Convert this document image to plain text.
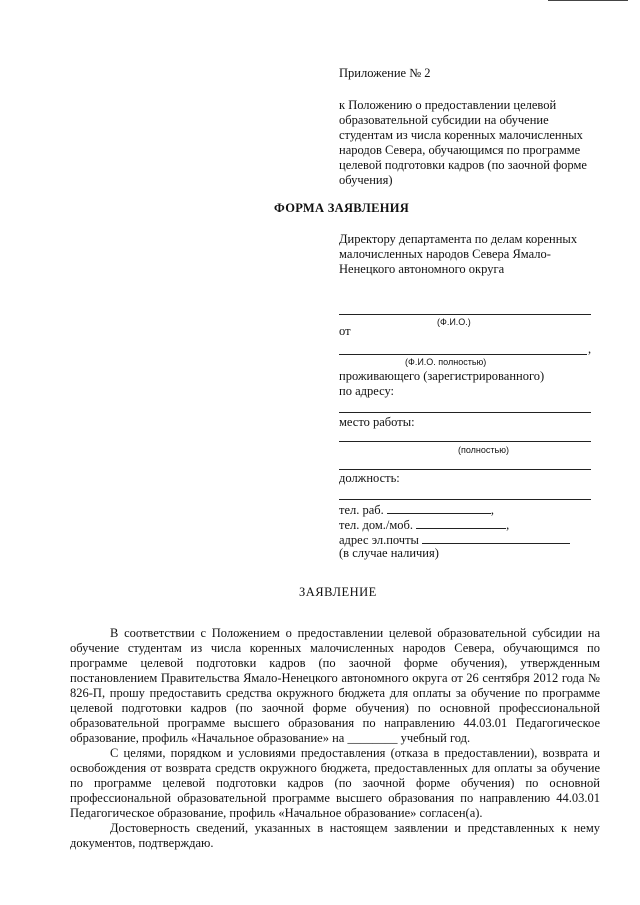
Приложение № 2
к Положению о предоставлении целевой образовательной субсидии на обучение студентам из числа коренных малочисленных народов Севера, обучающимся по программе целевой подготовки кадров (по заочной форме обучения)
ФОРМА ЗАЯВЛЕНИЯ
Директору департамента по делам коренных малочисленных народов Севера Ямало-Ненецкого автономного округа
(Ф.И.О.)
от
,
(Ф.И.О. полностью)
проживающего (зарегистрированного)
по адресу:
место работы:
(полностью)
должность:
тел. раб.	,
тел. дом./моб.	,
адрес эл.почты
(в случае наличия)
ЗАЯВЛЕНИЕ

В соответствии с Положением о предоставлении целевой образовательной субсидии на обучение студентам из числа коренных малочисленных народов Севера, обучающимся по программе целевой подготовки кадров (по заочной форме обучения), утвержденным постановлением Правительства Ямало-Ненецкого автономного округа от 26 сентября 2012 года № 826-П, прошу предоставить средства окружного бюджета для оплаты за обучение по программе целевой подготовки кадров (по заочной форме обучения) по основной профессиональной образовательной программе высшего образования по направлению 44.03.01 Педагогическое образование, профиль «Начальное образование» на ________ учебный год.

С целями, порядком и условиями предоставления (отказа в предоставлении), возврата и освобождения от возврата средств окружного бюджета, предоставленных для оплаты за обучение по программе целевой подготовки кадров (по заочной форме обучения) по основной профессиональной образовательной программе высшего образования по направлению 44.03.01 Педагогическое образование, профиль «Начальное образование» согласен(а).

Достоверность сведений, указанных в настоящем заявлении и представленных к нему документов, подтверждаю.
